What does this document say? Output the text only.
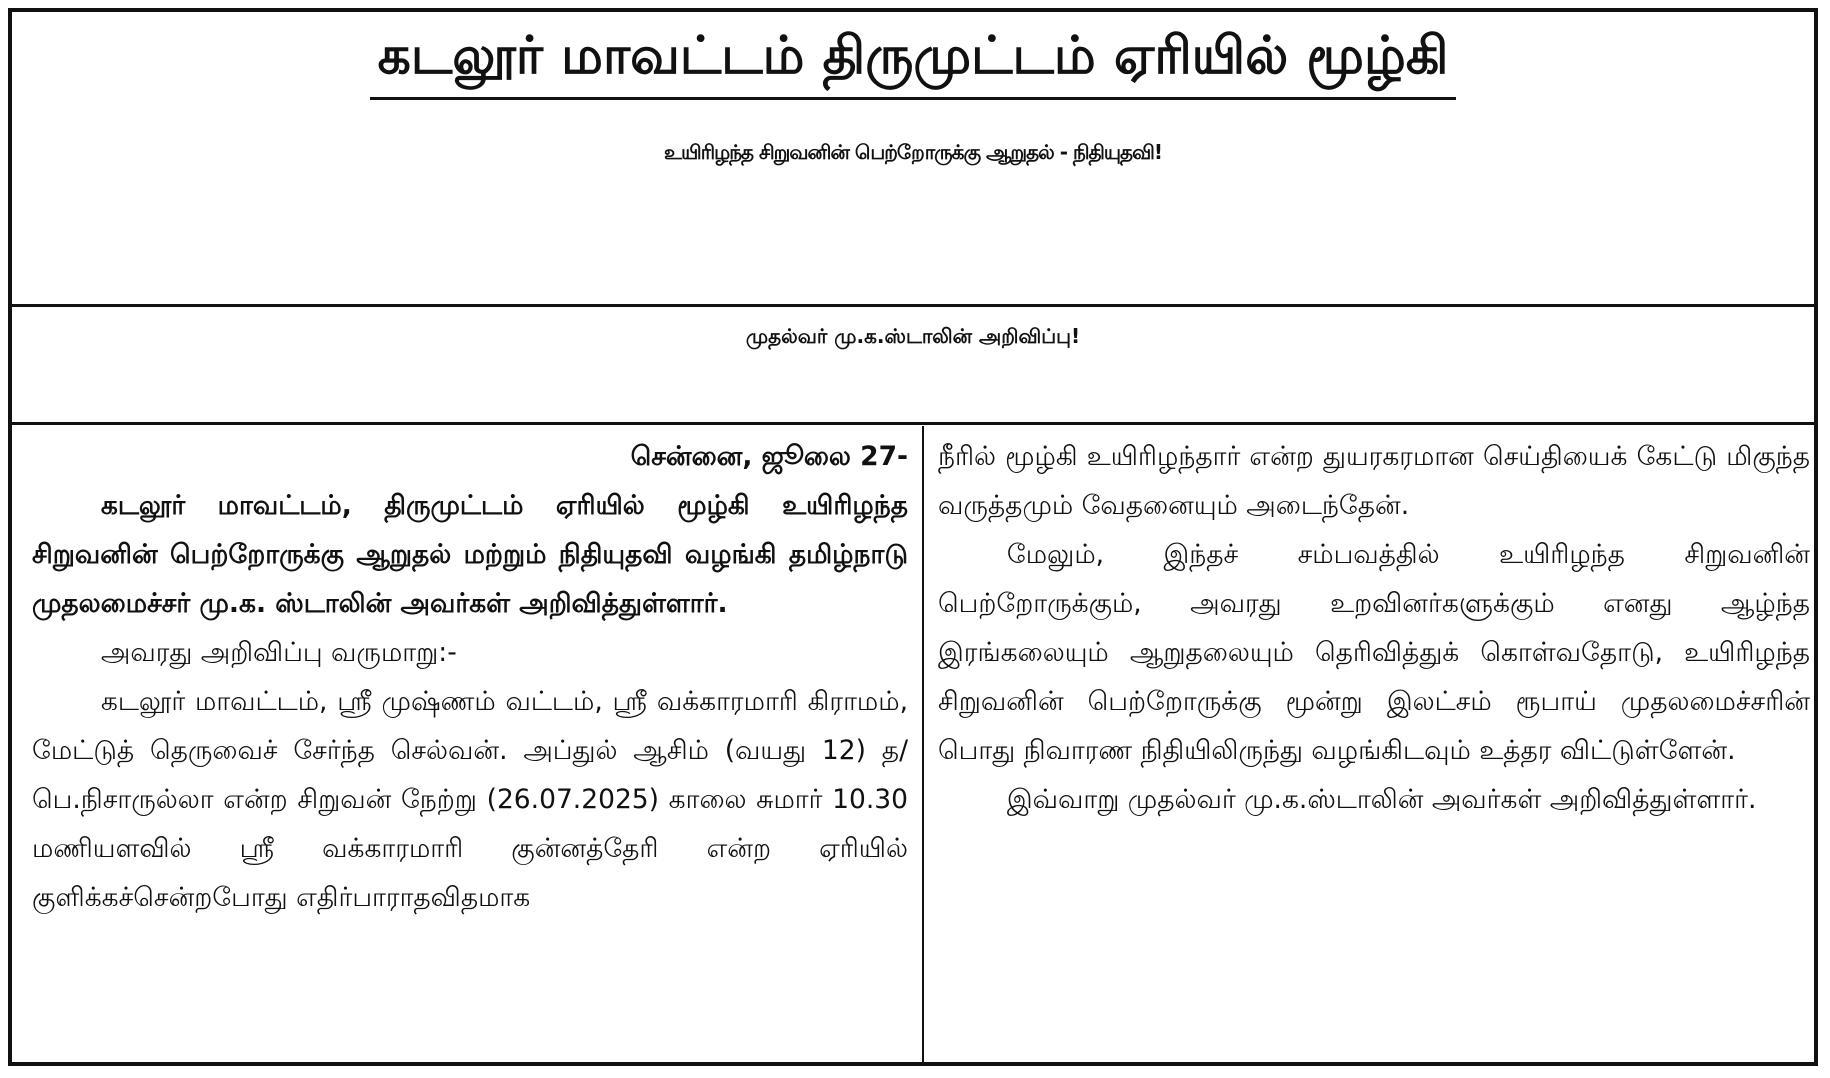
கடலூர் மாவட்டம் திருமுட்டம் ஏரியில் மூழ்கி
உயிரிழந்த சிறுவனின் பெற்றோருக்கு ஆறுதல் - நிதியுதவி!
முதல்வர் மு.க.ஸ்டாலின் அறிவிப்பு!
சென்னை, ஜூலை 27-

கடலூர் மாவட்டம், திருமுட்டம் ஏரியில் மூழ்கி உயிரிழந்த சிறுவனின் பெற்றோருக்கு ஆறுதல் மற்றும் நிதியுதவி வழங்கி தமிழ்நாடு முதலமைச்சர் மு.க. ஸ்டாலின் அவர்கள் அறிவித்துள்ளார்.

அவரது அறிவிப்பு வருமாறு:-

கடலூர் மாவட்டம், ஸ்ரீ முஷ்ணம் வட்டம், ஸ்ரீ வக்காரமாரி கிராமம், மேட்டுத் தெருவைச் சேர்ந்த செல்வன். அப்துல் ஆசிம் (வயது 12) த/பெ.நிசாருல்லா என்ற சிறுவன் நேற்று (26.07.2025) காலை சுமார் 10.30 மணியளவில் ஸ்ரீ வக்காரமாரி குன்னத்தேரி என்ற ஏரியில் குளிக்கச்சென்றபோது எதிர்பாராதவிதமாக

நீரில் மூழ்கி உயிரிழந்தார் என்ற துயரகரமான செய்தியைக் கேட்டு மிகுந்த வருத்தமும் வேதனையும் அடைந்தேன்.

மேலும், இந்தச் சம்பவத்தில் உயிரிழந்த சிறுவனின் பெற்றோருக்கும், அவரது உறவினர்களுக்கும் எனது ஆழ்ந்த இரங்கலையும் ஆறுதலையும் தெரிவித்துக் கொள்வதோடு, உயிரிழந்த சிறுவனின் பெற்றோருக்கு மூன்று இலட்சம் ரூபாய் முதலமைச்சரின் பொது நிவாரண நிதியிலிருந்து வழங்கிடவும் உத்தர விட்டுள்ளேன்.

இவ்வாறு முதல்வர் மு.க.ஸ்டாலின் அவர்கள் அறிவித்துள்ளார்.
